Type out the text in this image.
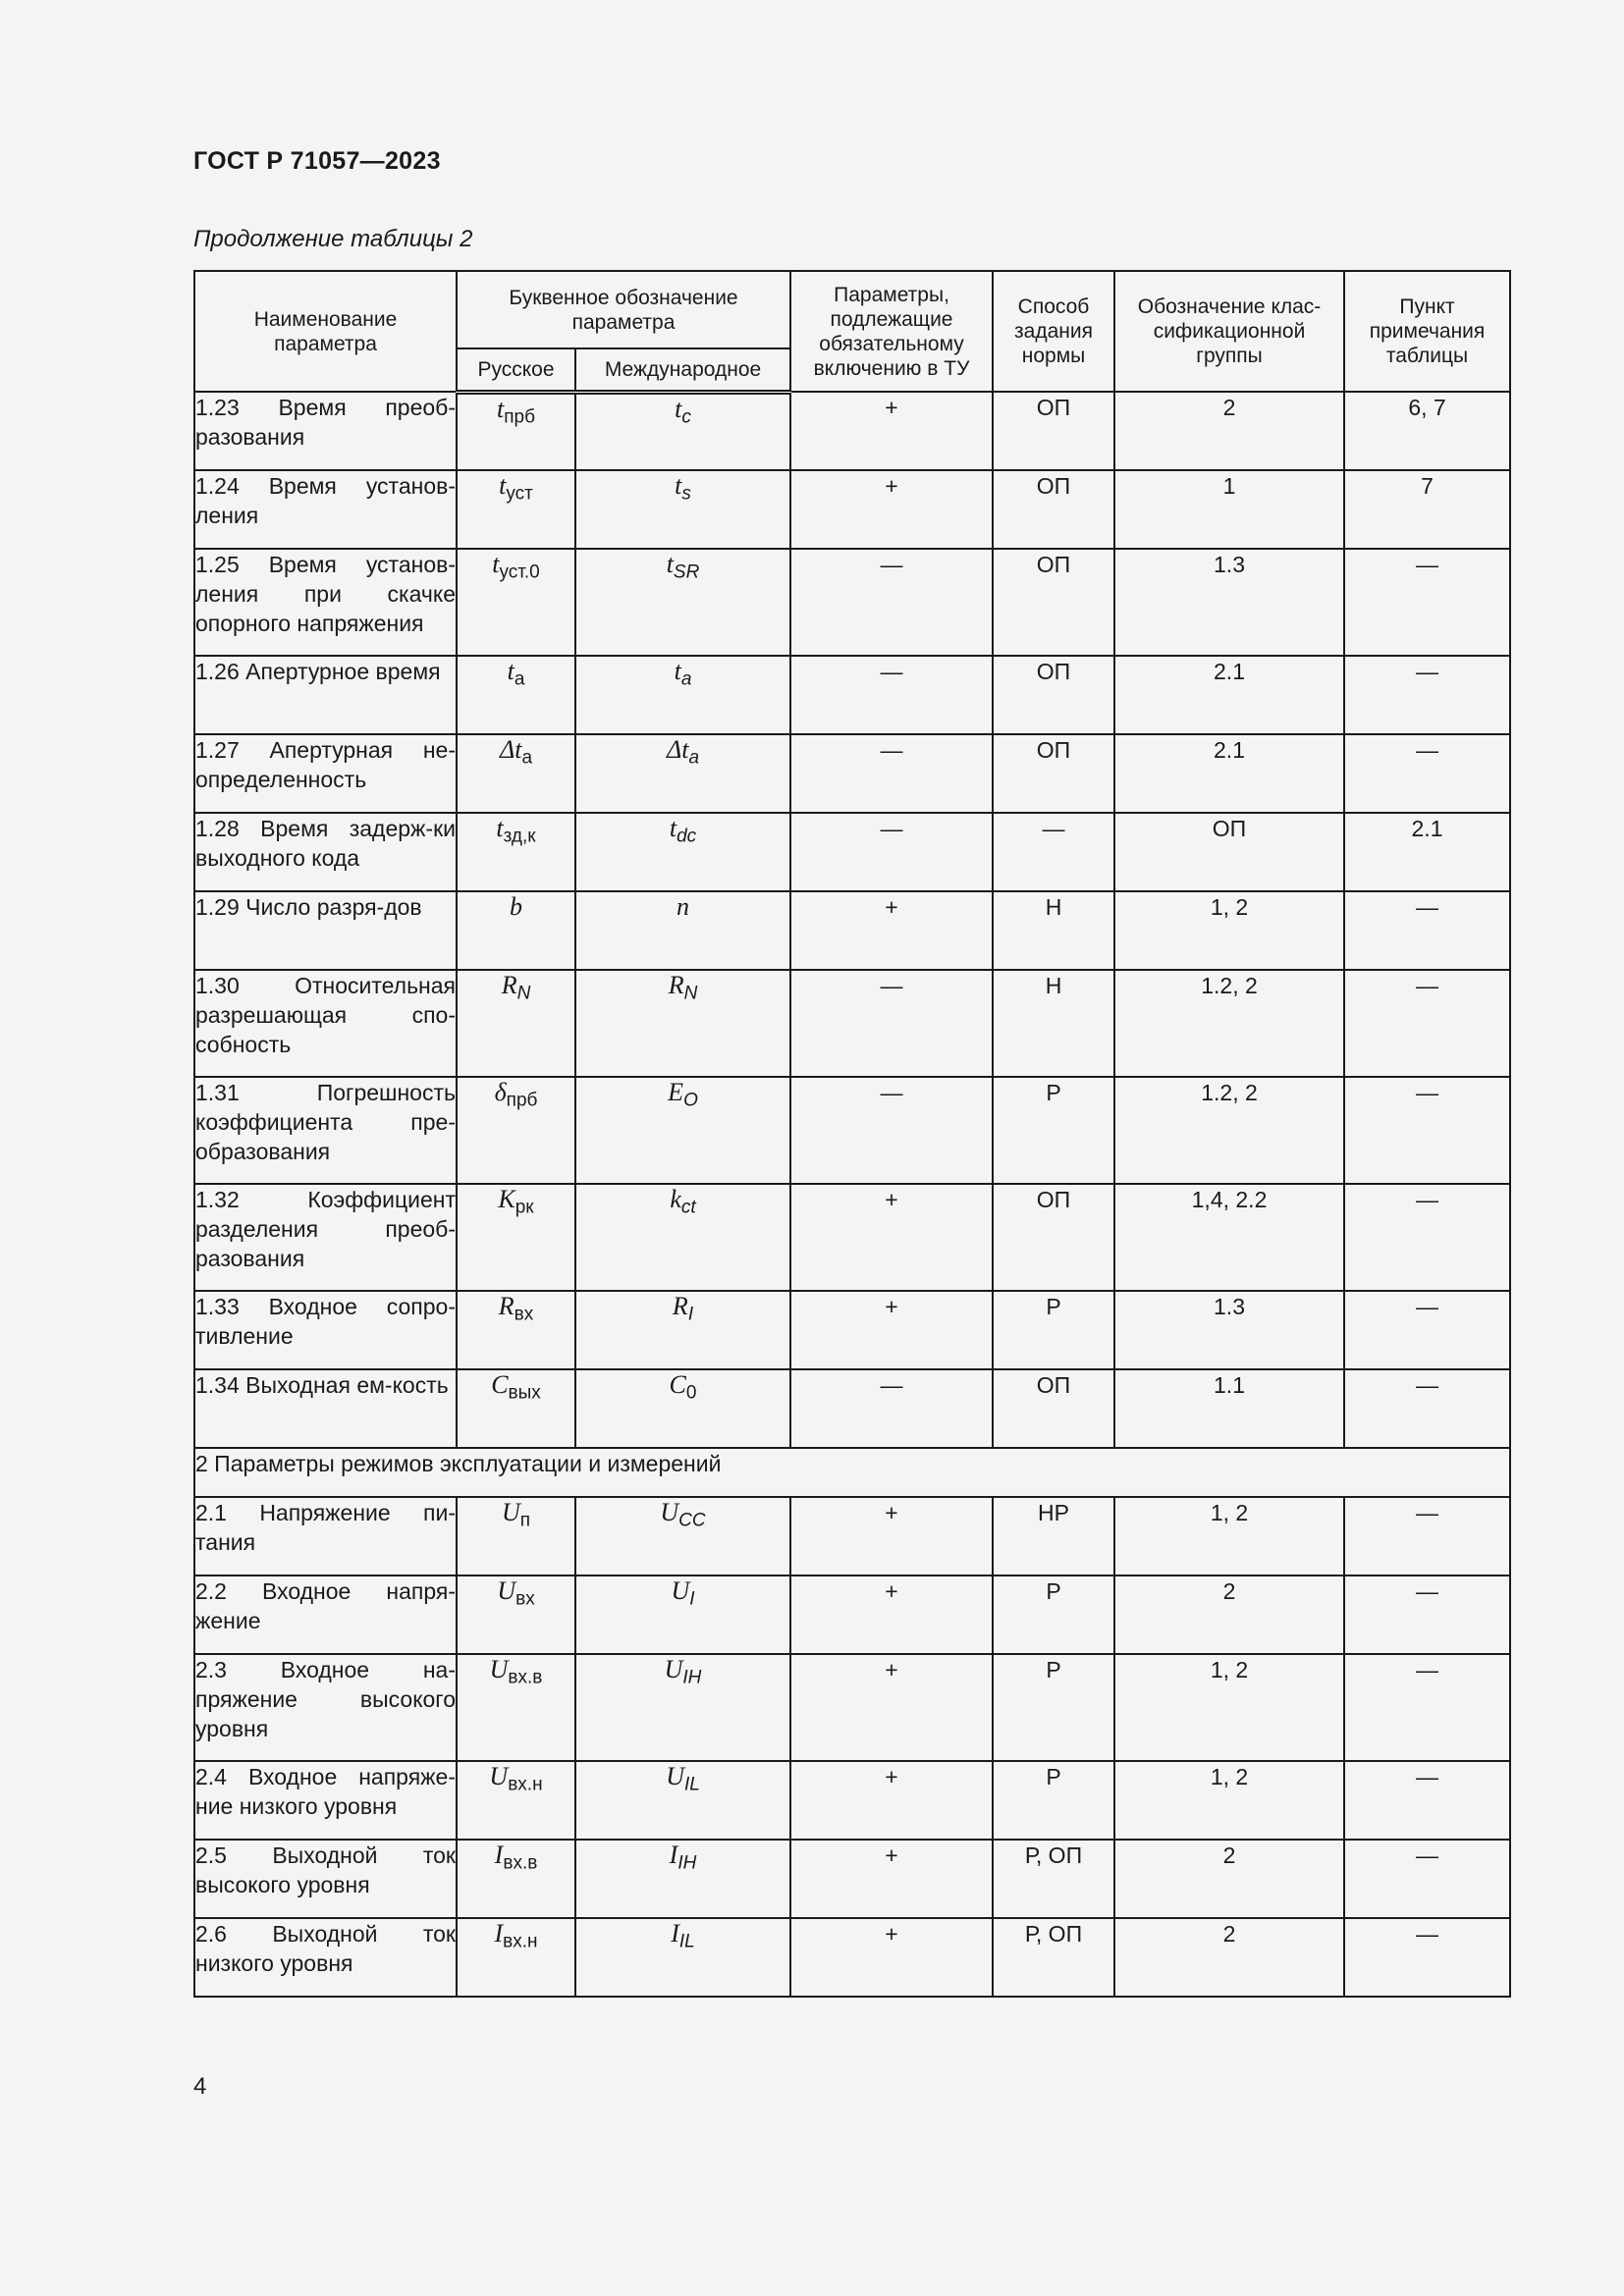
ГОСТ Р 71057—2023
Продолжение таблицы 2
Наименование параметра	Буквенное обозначение параметра		Параметры, подлежащие обязательному включению в ТУ	Способ задания нормы	Обозначение клас-сификационной группы	Пункт примечания таблицы
	Русское	Международное				
1.23 Время преоб-разования	$t_{прб}$	$t_c$	+	ОП	2	6, 7
1.24 Время установ-ления	$t_{уст}$	$t_s$	+	ОП	1	7
1.25 Время установ-ления при скачке опорного напряжения	$t_{уст.0}$	$t_{SR}$	—	ОП	1.3	—
1.26 Апертурное время	$t_а$	$t_a$	—	ОП	2.1	—
1.27 Апертурная не-определенность	$\Delta t_а$	$\Delta t_a$	—	ОП	2.1	—
1.28 Время задерж-ки выходного кода	$t_{зд,к}$	$t_{dc}$	—	—	ОП	2.1
1.29 Число разря-дов	b	n	+	Н	1, 2	—
1.30 Относительная разрешающая спо-собность	$R_N$	$R_N$	—	Н	1.2, 2	—
1.31 Погрешность коэффициента пре-образования	$\delta_{прб}$	$E_O$	—	Р	1.2, 2	—
1.32 Коэффициент разделения преоб-разования	$K_{рк}$	$k_{ct}$	+	ОП	1,4, 2.2	—
1.33 Входное сопро-тивление	$R_{вх}$	$R_I$	+	Р	1.3	—
1.34 Выходная ем-кость	$C_{вых}$	$C_0$	—	ОП	1.1	—
2 Параметры режимов эксплуатации и измерений						
2.1 Напряжение пи-тания	$U_п$	$U_{CC}$	+	НР	1, 2	—
2.2 Входное напря-жение	$U_{вх}$	$U_I$	+	Р	2	—
2.3 Входное на-пряжение высокого уровня	$U_{вх.в}$	$U_{IH}$	+	Р	1, 2	—
2.4 Входное напряже-ние низкого уровня	$U_{вх.н}$	$U_{IL}$	+	Р	1, 2	—
2.5 Выходной ток высокого уровня	$I_{вх.в}$	$I_{IH}$	+	Р, ОП	2	—
2.6 Выходной ток низкого уровня	$I_{вх.н}$	$I_{IL}$	+	Р, ОП	2	—
4
